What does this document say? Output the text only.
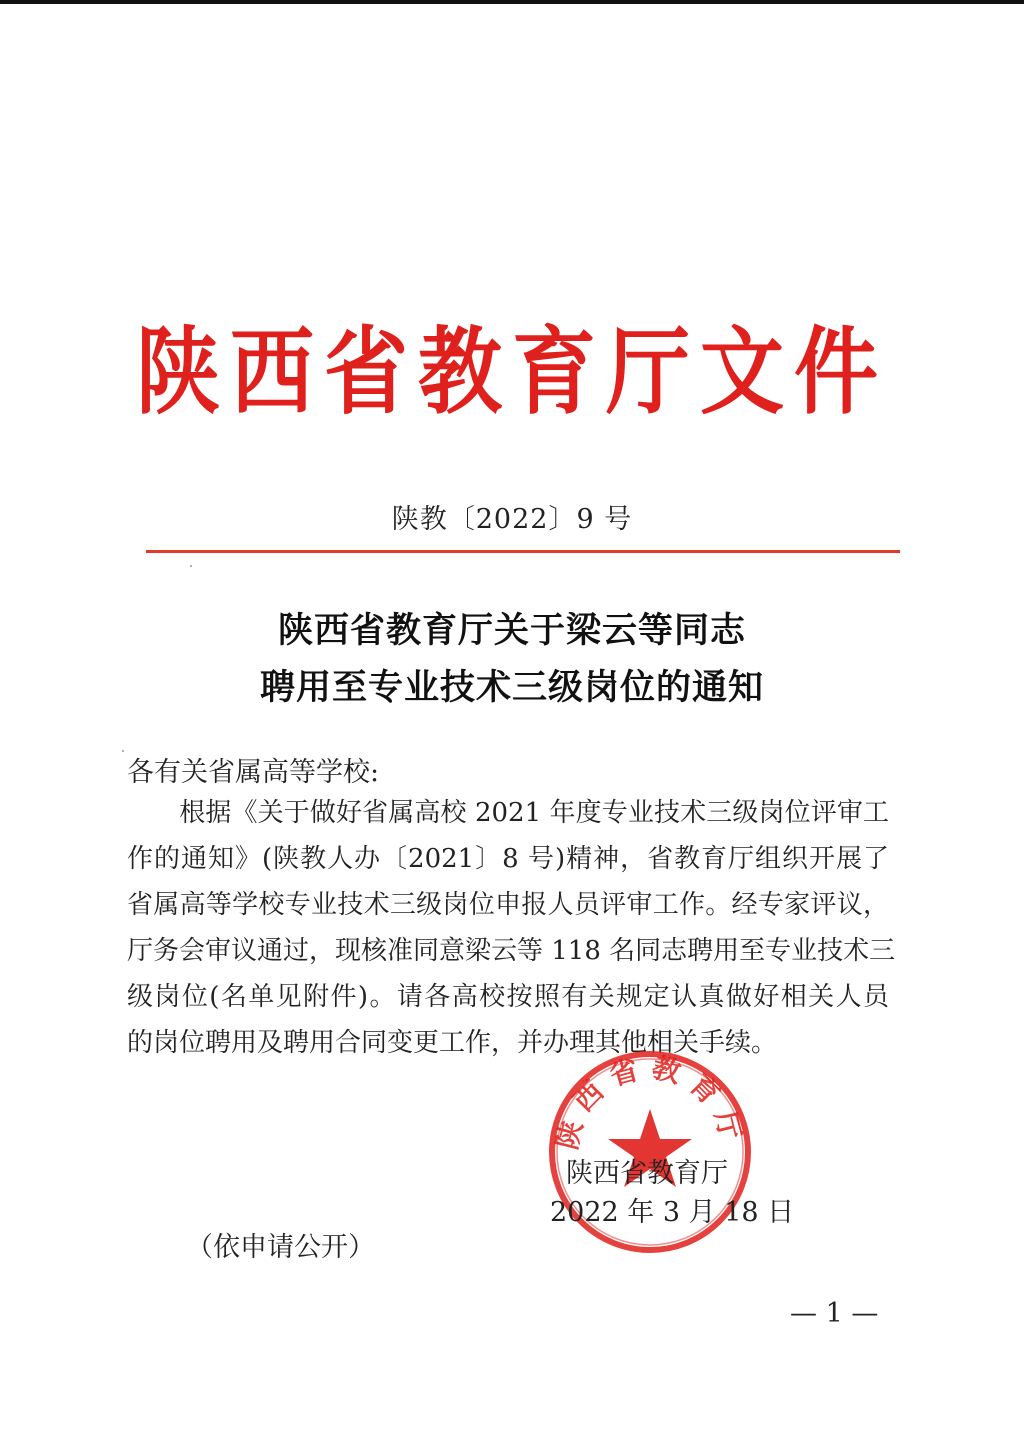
陕西省教育厅文件
陕教〔2022〕9 号
陕西省教育厅关于梁云等同志
聘用至专业技术三级岗位的通知
各有关省属高等学校:
　　根据《关于做好省属高校 2021 年度专业技术三级岗位评审工
作的通知》(陕教人办〔2021〕8 号)精神，省教育厅组织开展了
省属高等学校专业技术三级岗位申报人员评审工作。经专家评议，
厅务会审议通过，现核准同意梁云等 118 名同志聘用至专业技术三
级岗位(名单见附件)。请各高校按照有关规定认真做好相关人员
的岗位聘用及聘用合同变更工作，并办理其他相关手续。
陕西省教育厅
陕西省教育厅
2022 年 3 月 18 日
（依申请公开）
— 1 —
